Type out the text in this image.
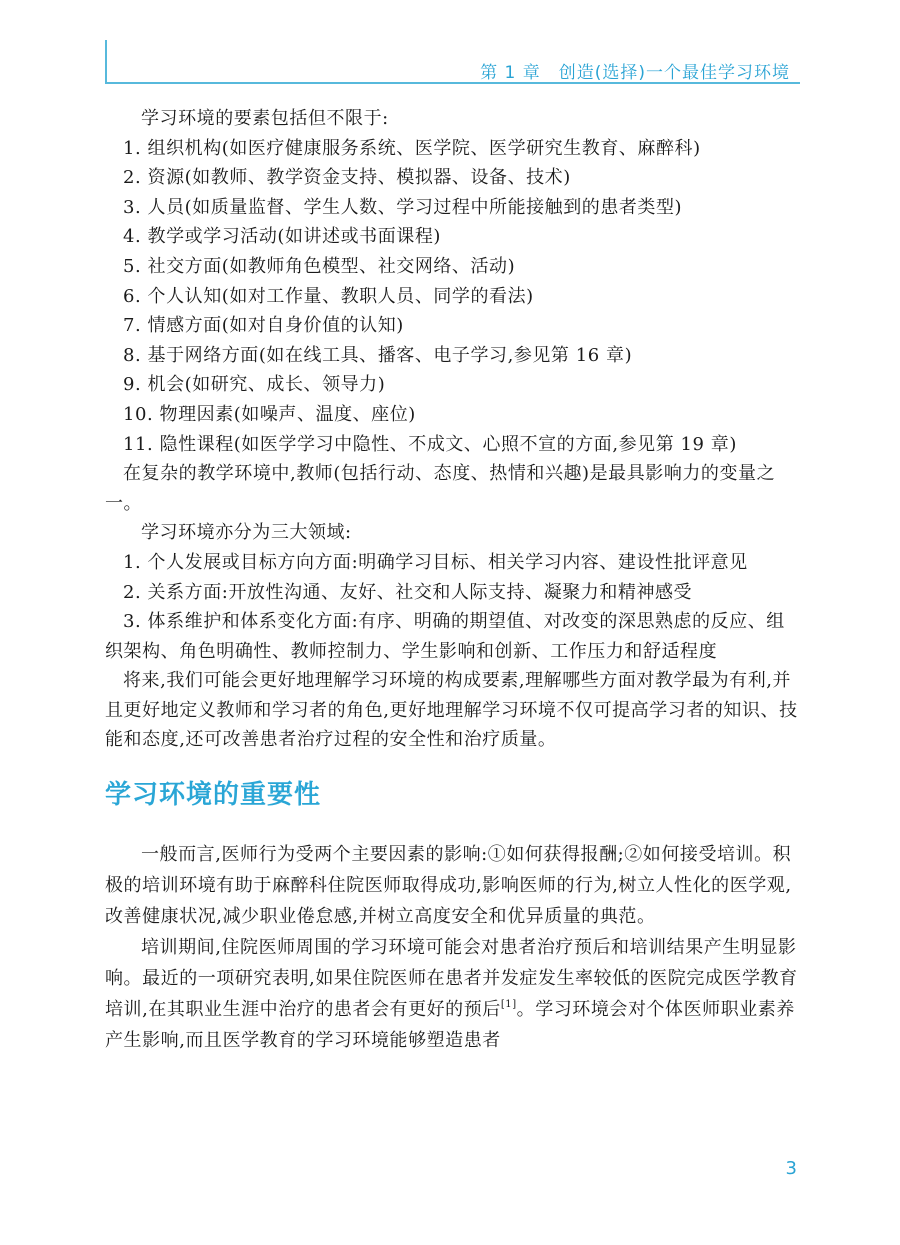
第 1 章　创造(选择)一个最佳学习环境

学习环境的要素包括但不限于:

1. 组织机构(如医疗健康服务系统、医学院、医学研究生教育、麻醉科)

2. 资源(如教师、教学资金支持、模拟器、设备、技术)

3. 人员(如质量监督、学生人数、学习过程中所能接触到的患者类型)

4. 教学或学习活动(如讲述或书面课程)

5. 社交方面(如教师角色模型、社交网络、活动)

6. 个人认知(如对工作量、教职人员、同学的看法)

7. 情感方面(如对自身价值的认知)

8. 基于网络方面(如在线工具、播客、电子学习,参见第 16 章)

9. 机会(如研究、成长、领导力)

10. 物理因素(如噪声、温度、座位)

11. 隐性课程(如医学学习中隐性、不成文、心照不宣的方面,参见第 19 章)

在复杂的教学环境中,教师(包括行动、态度、热情和兴趣)是最具影响力的变量之一。

学习环境亦分为三大领域:

1. 个人发展或目标方向方面:明确学习目标、相关学习内容、建设性批评意见

2. 关系方面:开放性沟通、友好、社交和人际支持、凝聚力和精神感受

3. 体系维护和体系变化方面:有序、明确的期望值、对改变的深思熟虑的反应、组织架构、角色明确性、教师控制力、学生影响和创新、工作压力和舒适程度

将来,我们可能会更好地理解学习环境的构成要素,理解哪些方面对教学最为有利,并且更好地定义教师和学习者的角色,更好地理解学习环境不仅可提高学习者的知识、技能和态度,还可改善患者治疗过程的安全性和治疗质量。

学习环境的重要性

一般而言,医师行为受两个主要因素的影响:①如何获得报酬;②如何接受培训。积极的培训环境有助于麻醉科住院医师取得成功,影响医师的行为,树立人性化的医学观,改善健康状况,减少职业倦怠感,并树立高度安全和优异质量的典范。

培训期间,住院医师周围的学习环境可能会对患者治疗预后和培训结果产生明显影响。最近的一项研究表明,如果住院医师在患者并发症发生率较低的医院完成医学教育培训,在其职业生涯中治疗的患者会有更好的预后[1]。学习环境会对个体医师职业素养产生影响,而且医学教育的学习环境能够塑造患者

3
